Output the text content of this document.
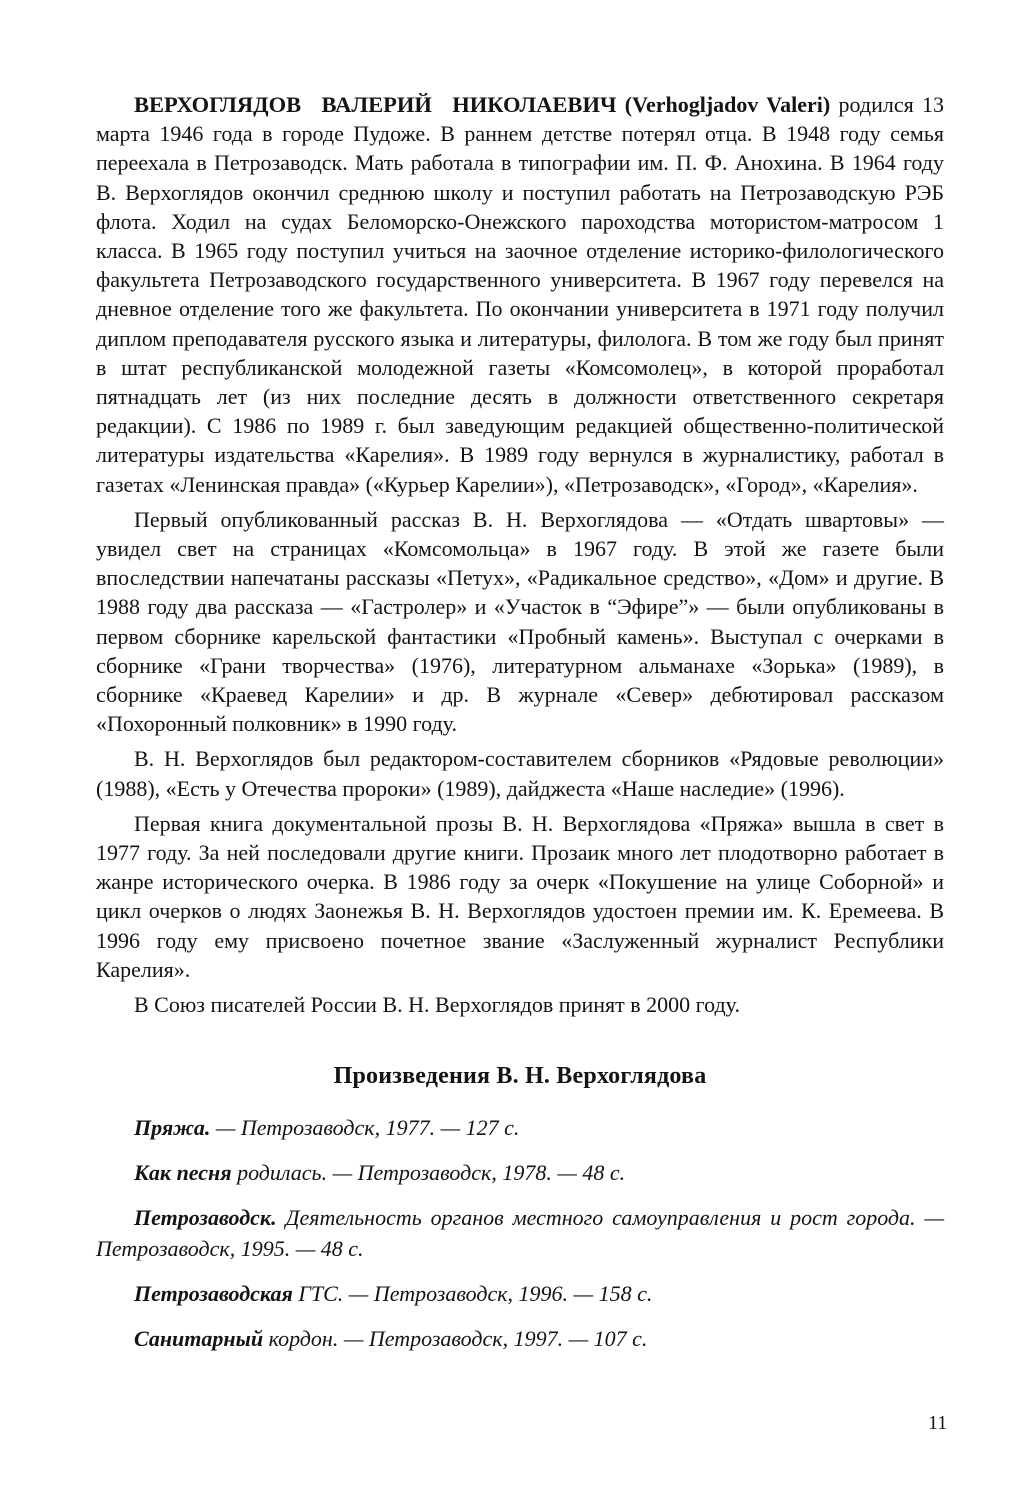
ВЕРХОГЛЯДОВ ВАЛЕРИЙ НИКОЛАЕВИЧ (Verhogljadov Valeri) родился 13 марта 1946 года в городе Пудоже. В раннем детстве потерял отца. В 1948 году семья переехала в Петрозаводск. Мать работала в типографии им. П. Ф. Анохина. В 1964 году В. Верхоглядов окончил среднюю школу и поступил работать на Петрозаводскую РЭБ флота. Ходил на судах Беломорско-Онежского пароходства мотористом-матросом 1 класса. В 1965 году поступил учиться на заочное отделение историко-филологического факультета Петрозаводского государственного университета. В 1967 году перевелся на дневное отделение того же факультета. По окончании университета в 1971 году получил диплом преподавателя русского языка и литературы, филолога. В том же году был принят в штат республиканской молодежной газеты «Комсомолец», в которой проработал пятнадцать лет (из них последние десять в должности ответственного секретаря редакции). С 1986 по 1989 г. был заведующим редакцией общественно-политической литературы издательства «Карелия». В 1989 году вернулся в журналистику, работал в газетах «Ленинская правда» («Курьер Карелии»), «Петрозаводск», «Город», «Карелия».

Первый опубликованный рассказ В. Н. Верхоглядова — «Отдать швартовы» — увидел свет на страницах «Комсомольца» в 1967 году. В этой же газете были впоследствии напечатаны рассказы «Петух», «Радикальное средство», «Дом» и другие. В 1988 году два рассказа — «Гастролер» и «Участок в “Эфире”» — были опубликованы в первом сборнике карельской фантастики «Пробный камень». Выступал с очерками в сборнике «Грани творчества» (1976), литературном альманахе «Зорька» (1989), в сборнике «Краевед Карелии» и др. В журнале «Север» дебютировал рассказом «Похоронный полковник» в 1990 году.

В. Н. Верхоглядов был редактором-составителем сборников «Рядовые революции» (1988), «Есть у Отечества пророки» (1989), дайджеста «Наше наследие» (1996).

Первая книга документальной прозы В. Н. Верхоглядова «Пряжа» вышла в свет в 1977 году. За ней последовали другие книги. Прозаик много лет плодотворно работает в жанре исторического очерка. В 1986 году за очерк «Покушение на улице Соборной» и цикл очерков о людях Заонежья В. Н. Верхоглядов удостоен премии им. К. Еремеева. В 1996 году ему присвоено почетное звание «Заслуженный журналист Республики Карелия».

В Союз писателей России В. Н. Верхоглядов принят в 2000 году.

Произведения В. Н. Верхоглядова

Пряжа. — Петрозаводск, 1977. — 127 с.

Как песня родилась. — Петрозаводск, 1978. — 48 с.

Петрозаводск. Деятельность органов местного самоуправления и рост города. — Петрозаводск, 1995. — 48 с.

Петрозаводская ГТС. — Петрозаводск, 1996. — 158 с.

Санитарный кордон. — Петрозаводск, 1997. — 107 с.

11
